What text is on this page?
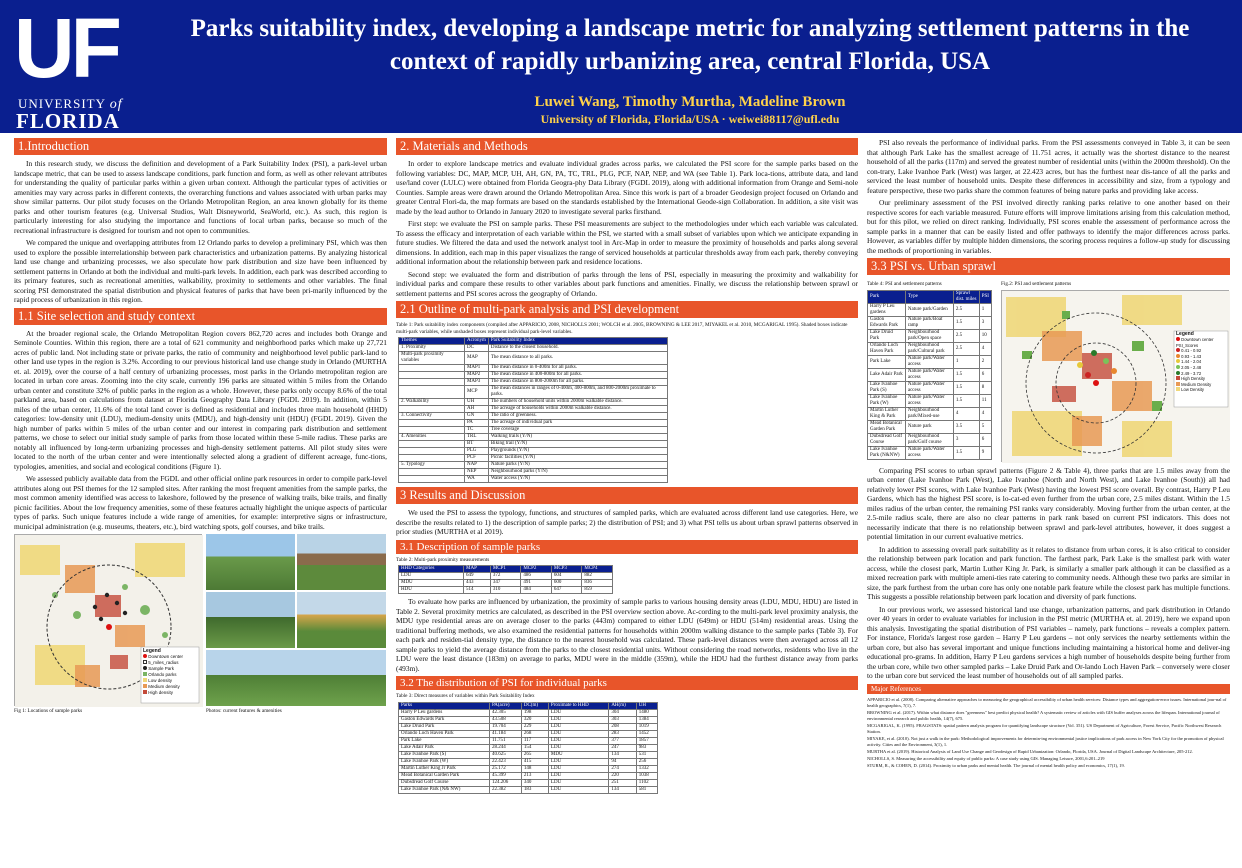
UF
UNIVERSITY of
FLORIDA
Parks suitability index, developing a landscape metric for analyzing settlement patterns in the context of rapidly urbanizing area, central Florida, USA
Luwei Wang, Timothy Murtha, Madeline Brown
University of Florida, Florida/USA · weiwei88117@ufl.edu
1.Introduction

In this research study, we discuss the definition and development of a Park Suitability Index (PSI), a park-level urban landscape metric, that can be used to assess landscape conditions, park function and form, as well as other relevant attributes for understanding the quality of particular parks within a given urban context. Although the particular types of activities or amenities may vary across parks in different contexts, the overarching functions and values associated with urban parks may show similar patterns. Our pilot study focuses on the Orlando Metropolitan Region, an area known globally for its theme parks and other tourism features (e.g. Universal Studios, Walt Disneyworld, SeaWorld, etc.). As such, this region is particularly interesting for also studying the importance and functions of local urban parks, because so much of the recreational infrastructure is designed for tourism and not open to communities.

We compared the unique and overlapping attributes from 12 Orlando parks to develop a preliminary PSI, which was then used to explore the possible interrelationship between park characteristics and urbanization patterns. By analyzing historical land use change and urbanizing processes, we also speculate how park distribution and size have been influenced by settlement patterns in Orlando at both the individual and multi-park levels. In addition, each park was described according to its primary features, such as recreational amenities, walkability, proximity to settlements and other variables. The final scoring PSI demonstrated the spatial distribution and physical features of parks that have been pri-marily influenced by the rapid process of urbanization in this region.

1.1 Site selection and study context

At the broader regional scale, the Orlando Metropolitan Region covers 862,720 acres and includes both Orange and Seminole Counties. Within this region, there are a total of 621 community and neighborhood parks which make up 27,721 acres of public land. Not including state or private parks, the ratio of community and neighborhood level public park-land to other land use types in the region is 3.2%. According to our previous historical land use change study in Orlando (MURTHA et. al. 2019), over the course of a half century of urbanizing processes, most parks in the Orlando metropolitan region are located in urban core areas. Zooming into the city scale, currently 196 parks are situated within 5 miles from the Orlando urban center and constitute 32% of public parks in the region as a whole. However, these parks only occupy 8.6% of the total parkland area, based on calculations from dataset at Florida Geography Data Library (FGDL 2019). In addition, within 5 miles of the urban center, 11.6% of the total land cover is defined as residential and includes three main household (HHD) categories: low-density unit (LDU), medium-density units (MDU), and high-density unit (HDU) (FGDL 2019). Given the high number of parks within 5 miles of the urban center and our interest in comparing park distribution and settlement patterns, we chose to select our initial study sample of parks from those located within these 5-mile radius. These parks are notably all influenced by long-term urbanizing processes and high-density settlement patterns. All pilot study sites were located to the north of the urban center and were intentionally selected along a gradient of different acreage, func-tions, typologies, amenities, and social and ecological conditions (Figure 1).

We assessed publicly available data from the FGDL and other official online park resources in order to compile park-level attributes along out PSI themes for the 12 sampled sites. After ranking the most frequent amenities from the sample parks, the most common amenity identified was access to lakeshore, followed by the presence of walking trails, bike trails, and finally picnic facilities. About the low frequency amenities, some of these features actually highlight the unique aspects of particular types of parks. Such unique features include a wide range of amenities, for example: interpretive signs or infrastructure, municipal administration (e.g. museums, theaters, etc.), bird watching spots, golf courses, and bike trails.

Legend
Downtown center
5_miles_radius
Sample Park
Orlando parks
Low density
Medium density
High density
Fig 1: Locations of sample parks	Photos: current features & amenities
2. Materials and Methods

In order to explore landscape metrics and evaluate individual grades across parks, we calculated the PSI score for the sample parks based on the following variables: DC, MAP, MCP, UH, AH, GN, PA, TC, TRL, PLG, PCF, NAP, NEP, and WA (see Table 1). Park loca-tions, attribute data, and land use/land cover (LULC) were obtained from Florida Geogra-phy Data Library (FGDL 2019), along with additional information from Orange and Semi-nole Counties. Sample areas were drawn around the Orlando Metropolitan Area. Since this work is part of a broader Geodesign project focused on Orlando and greater Central Flori-da, the map formats are based on the standards established by the International Geode-sign Collaboration. In addition, a site visit was made by the lead author to Orlando in January 2020 to investigate several parks firsthand.

First step: we evaluate the PSI on sample parks. These PSI measurements are subject to the methodologies under which each variable was calculated. To assess the efficacy and interpretation of each variable within the PSI, we started with a small subset of variables upon which we anticipate expanding in future studies. We filtered the data and used the network analyst tool in Arc-Map in order to measure the proximity of households and parks along several dimensions. In addition, each map in this paper visualizes the range of serviced households at particular thresholds away from each park, thereby conveying additional information about the relationship between park and residence locations.

Second step: we evaluated the form and distribution of parks through the lens of PSI, especially in measuring the proximity and walkability for individual parks and compare these results to other variables about park functions and amenities. Finally, we discuss the relationship between sprawl or settlement patterns and PSI scores across the geography of Orlando.

2.1 Outline of multi-park analysis and PSI development
Table 1: Park suitability index components (compiled after APPARICIO, 2008, NICHOLLS 2001; WOLCH et al. 2005, BROWNING & LEE 2017, MIYAKEL et al. 2010, MCGARIGAL 1995). Shaded boxes indicate multi-park variables, while unshaded boxes represent individual park-level variables.
Themes	Acronym	Park Suitability Index
1. Proximity	DC	Distance to the closest household.
Multi-park proximity variables	MAP	The mean distance to all parks.
	MAP1	The mean distance in 0-400m for all parks.
	MAP2	The mean distance in 400-800m for all parks.
	MAP3	The mean distance in 800-2000m for all parks.
	MCP	The mean distances in ranges of 0-400m, 400-800m, and 800-2000m proximate to parks.
2. Walkability	UH	The numbers of household units within 2000m walkable distance.
	AH	The acreage of households within 2000m walkable distance.
3. Connectivity	GN	The ratio of greenness.
	PA	The acreage of individual park
	TC	Tree coverage
4. Amenities	TRL	Walking trails (Y/N)
	BT	Biking trail (Y/N)
	PLG	Playgrounds (Y/N)
	PCF	Picnic facilities (Y/N)
5. Typology	NAP	Nature parks (Y/N)
	NEP	Neighbourhood parks (Y/N)
	WA	Water access (Y/N)
3 Results and Discussion

We used the PSI to assess the typology, functions, and structures of sampled parks, which are evaluated across different land use categories. Here, we describe the results related to 1) the description of sample parks; 2) the distribution of PSI; and 3) what PSI tells us about urban sprawl patterns observed in prior studies (MURTHA et al 2019).

3.1 Description of sample parks
Table 2: Multi-park proximity measurements
HHD Categories	MAP	MCP1	MCP2	MCP3	MCP4
LDU	649	372	486	604	882
MDU	443	347	491	600	836
HDU	514	310	484	647	859

To evaluate how parks are influenced by urbanization, the proximity of sample parks to various housing density areas (LDU, MDU, HDU) are listed in Table 2. Several proximity metrics are calculated, as described in the PSI overview section above. Ac-cording to the multi-park level proximity analysis, the MDU type residential areas are on average closer to the parks (443m) compared to either LDU (649m) or HDU (514m) residential areas. Using the traditional buffering methods, we also examined the residential patterns for households within 2000m walking distance to the sample parks (Table 3). For each park and residen-tial density type, the distance to the nearest household was calculated. These park-level distances were then averaged across all 12 sample parks to yield the average distance from the parks to the closest residential units. Without considering the road networks, residents who live in the LDU were the least distance (183m) on average to parks, MDU were in the middle (359m), while the HDU had the furthest distance away from parks (493m).

3.2 The distribution of PSI for individual parks
Table 3: Direct measures of variables within Park Suitability Index
Parks	PA(acre)	DC(m)	Proximate to HHD	AH(m)	UH
Harry P Leu gardens	42.305	198	LDU	304	1480
Gaston Edwards Park	43.508	320	LDU	303	1384
Lake Druid Park	19.704	229	LDU	208	1019
Orlando Loch Haven Park	41.184	268	LDU	283	1452
Park Lake	11.751	117	LDU	377	1857
Lake Adair Park	28.244	154	LDU	247	983
Lake Ivanhoe Park (S)	40.625	265	MDU	134	531
Lake Ivanhoe Park (W)	22.423	415	LDU	94	256
Martin Luther King Jr Park	25.172	148	LDU	274	1332
Mead Botanical Garden Park	45.399	213	LDU	220	1038
Dubsdread Golf Course	124.206	340	LDU	251	1102
Lake Ivanhoe Park (N& NW)	22.382	183	LDU	134	581

PSI also reveals the performance of individual parks. From the PSI assessments conveyed in Table 3, it can be seen that although Park Lake has the smallest acreage of 11.751 acres, it actually was the shortest distance to the nearest household of all the parks (117m) and served the greatest number of residential units (within the 2000m threshold). On the con-trary, Lake Ivanhoe Park (West) was larger, at 22.423 acres, but has the furthest near dis-tance of all the parks and serviced the least number of household units. Despite these differences in accessibility and size, from a typology and feature perspective, these two parks share the common features of being nature parks and providing lake access.

Our preliminary assessment of the PSI involved directly ranking parks relative to one another based on their respective scores for each variable measured. Future efforts will improve limitations arising from this calculation method, but for this pilot, we relied on direct ranking. Individually, PSI scores enable the assessment of performance across the sample parks in a manner that can be easily listed and offer pathways to identify the major differences across parks. However, as variables differ by multiple hidden dimensions, the scoring process requires a follow-up study for discussing the methods of proportioning in variables.

3.3 PSI vs. Urban sprawl
Table 4: PSI and settlement patterns
Park	Type	Sprawl dist. miles	PSI
Harry P Leu gardens	Nature park/Garden	2.5	1
Gaston Edwards Park	Nature park/Boat ramp	1.5	3
Lake Druid Park	Neighbourhood park/Open space	2.5	10
Orlando Loch Haven Park	Neighbourhood park/Cultural park	2.5	4
Park Lake	Nature park/Water access	1	2
Lake Adair Park	Nature park/Water access	1.5	6
Lake Ivanhoe Park (S)	Nature park/Water access	1.5	8
Lake Ivanhoe Park (W)	Nature park/Water access	1.5	11
Martin Luther King & Park	Neighbourhood park/Mixed-use	4	4
Mead Botanical Garden Park	Nature park	3.5	5
Dubsdread Golf Course	Neighbourhood park/Golf course	3	6
Lake Ivanhoe Park (N&NW)	Nature park/Water access	1.5	9
Fig.2: PSI and settlement patterns
Legend
Downtown center
PSI_Scores
0.41 - 0.92
0.93 - 1.43
1.44 - 2.04
2.05 - 2.48
2.49 - 3.72
High Density
Medium Density
Low Density

Comparing PSI scores to urban sprawl patterns (Figure 2 & Table 4), three parks that are 1.5 miles away from the urban center (Lake Ivanhoe Park (West), Lake Ivanhoe (North and North West), and Lake Ivanhoe (South)) all had relatively lower PSI scores, with Lake Ivanhoe Park (West) having the lowest PSI score overall. By contrast, Harry P Leu Gardens, which has the highest PSI score, is lo-cat-ed even further from the urban core, 2.5 miles distant. Within the 1.5 miles radius of the urban center, the remaining PSI ranks vary considerably. Moving further from the urban center, at the 2.5-mile radius scale, there are also no clear patterns in park rank based on current PSI indicators. This does not necessarily indicate that there is no relationship between sprawl and park-level attributes, however, it does suggest a potential limitation in our current evaluative metrics.

In addition to assessing overall park suitability as it relates to distance from urban cores, it is also critical to consider the relationship between park location and park function. The farthest park, Park Lake is the smallest park with water access, while the closest park, Martin Luther King Jr. Park, is similarly a smaller park although it can be classified as a mixed recreation park with multiple ameni-ties rate catering to community needs. Although these two parks are similar in size, the park furthest from the urban core has only one notable park feature while the closest park has multiple functions. This suggests a possible relationship between park location and diversity of park functions.

In our previous work, we assessed historical land use change, urbanization patterns, and park distribution in Orlando over 40 years in order to evaluate variables for inclusion in the PSI metric (MURTHA et. al. 2019), here we expand upon this analysis. Investigating the spatial distribution of PSI variables – namely, park functions – reveals a complex pattern. For instance, Florida's largest rose garden – Harry P Leu gardens – not only services the nearby settlements within the urban core, but also has several important and unique functions including maintaining a historical home and deliver-ing educational pro-grams. In addition, Harry P Leu gardens services a high number of households despite being further from the urban core, while two other sampled parks – Lake Druid Park and Or-lando Loch Haven Park – conversely were closer to the urban core but serviced the least number of households out of all sampled parks.

Major References
APPARICIO et al. (2008). Comparing alternative approaches to measuring the geographical accessibility of urban health services: Distance types and aggregation-error issues. International jour-nal of health geographics, 7(1), 7.
BROWNING et al. (2017). Within what distance does "greenness" best predict physical health? A systematic review of articles with GIS buffer analyses across the lifespan. International journal of environmental research and public health, 14(7), 675.
MCGARIGAL, K. (1995). FRAGSTATS: spatial pattern analysis program for quantifying landscape structure (Vol. 351). US Department of Agriculture, Forest Service, Pacific Northwest Research Station.
MIYAKE, et al. (2010). Not just a walk in the park: Methodological improvements for determin-ing environmental justice implications of park access in New York City for the promotion of physical activity. Cities and the Environment, 3(1), 1.
MURTHA et al. (2019). Historical Analysis of Land Use Change and Geodesign of Rapid Urbanization: Orlando, Florida, USA. Journal of Digital Landscape Architecture, 205-212.
NICHOLLS, S. Measuring the accessibility and equity of public parks: A case study using GIS. Managing Leisure, 2001,6:201–219
STURM, R., & COHEN, D. (2014). Proximity to urban parks and mental health. The journal of mental health policy and economics, 17(1), 19.
